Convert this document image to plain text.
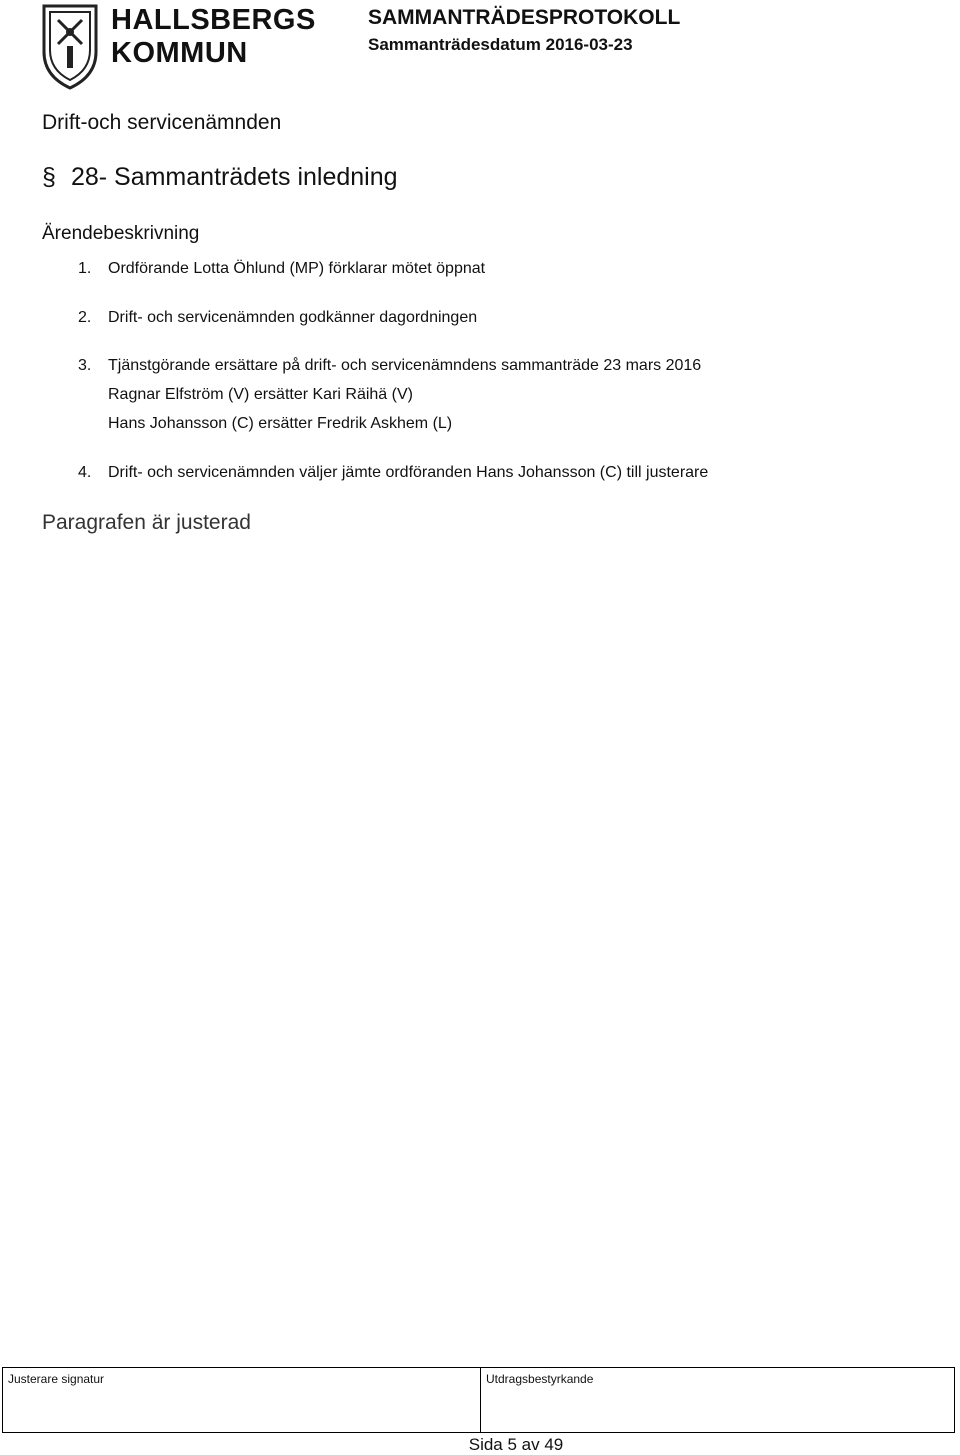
HALLSBERGS
KOMMUN
SAMMANTRÄDESPROTOKOLL
Sammanträdesdatum 2016-03-23
Drift-och servicenämnden
§ 28- Sammanträdets inledning
Ärendebeskrivning
1.	Ordförande Lotta Öhlund (MP) förklarar mötet öppnat
2.	Drift- och servicenämnden godkänner dagordningen
3.	Tjänstgörande ersättare på drift- och servicenämndens sammanträde 23 mars 2016
Ragnar Elfström (V) ersätter Kari Räihä (V)
Hans Johansson (C) ersätter Fredrik Askhem (L)
4.	Drift- och servicenämnden väljer jämte ordföranden Hans Johansson (C) till justerare
Paragrafen är justerad
Justerare signatur	Utdragsbestyrkande
Sida 5 av 49
